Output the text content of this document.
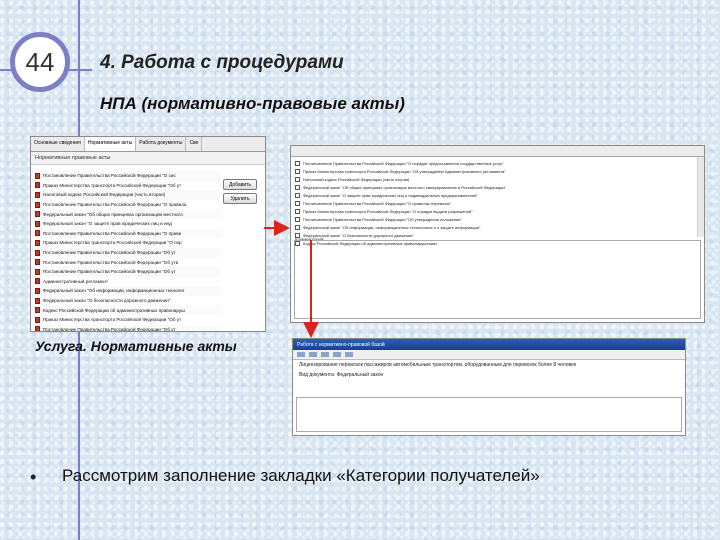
44	4. Работа с процедурами
НПА (нормативно-правовые акты)
Основные сведения	Нормативные акты	Работа документы	Све
Нормативные правовые акты
Постановление Правительства Российской Федерации "О сис
Приказ Министерства транспорта Российской Федерации "Об ут
Налоговый кодекс Российской Федерации (часть вторая)
Постановление Правительства Российской Федерации "О правила
Федеральный закон "Об общих принципах организации местного
Федеральный закон "О защите прав юридических лиц и инд
Постановление Правительства Российской Федерации "О прави
Приказ Министерства транспорта Российской Федерации "О пор
Постановление Правительства Российской Федерации "Об ут
Постановление Правительства Российской Федерации "Об утв
Постановление Правительства Российской Федерации "Об ут
Административный регламент
Федеральный закон "Об информации, информационных технолог
Федеральный закон "О безопасности дорожного движения"
Кодекс Российской Федерации об административных правонаруш
Приказ Министерства транспорта Российской Федерации "Об ут
Постановление Правительства Российской Федерации "Об ут
Добавить
Удалить
Постановление Правительства Российской Федерации "О порядке предоставления государственных услуг"
Приказ Министерства транспорта Российской Федерации "Об утверждении Административного регламента"
Налоговый кодекс Российской Федерации (часть вторая)
Федеральный закон "Об общих принципах организации местного самоуправления в Российской Федерации"
Федеральный закон "О защите прав юридических лиц и индивидуальных предпринимателей"
Постановление Правительства Российской Федерации "О правилах перевозок"
Приказ Министерства транспорта Российской Федерации "О порядке выдачи разрешений"
Постановление Правительства Российской Федерации "Об утверждении положения"
Федеральный закон "Об информации, информационных технологиях и о защите информации"
Федеральный закон "О безопасности дорожного движения"
Кодекс Российской Федерации об административных правонарушениях
Комментарий:
Работа с нормативно-правовой базой
Лицензирование перевозок пассажиров автомобильным транспортом, оборудованным для перевозок более 8 человек
Вид документа: Федеральный закон
Услуга. Нормативные акты
• Рассмотрим заполнение закладки «Категории получателей»
